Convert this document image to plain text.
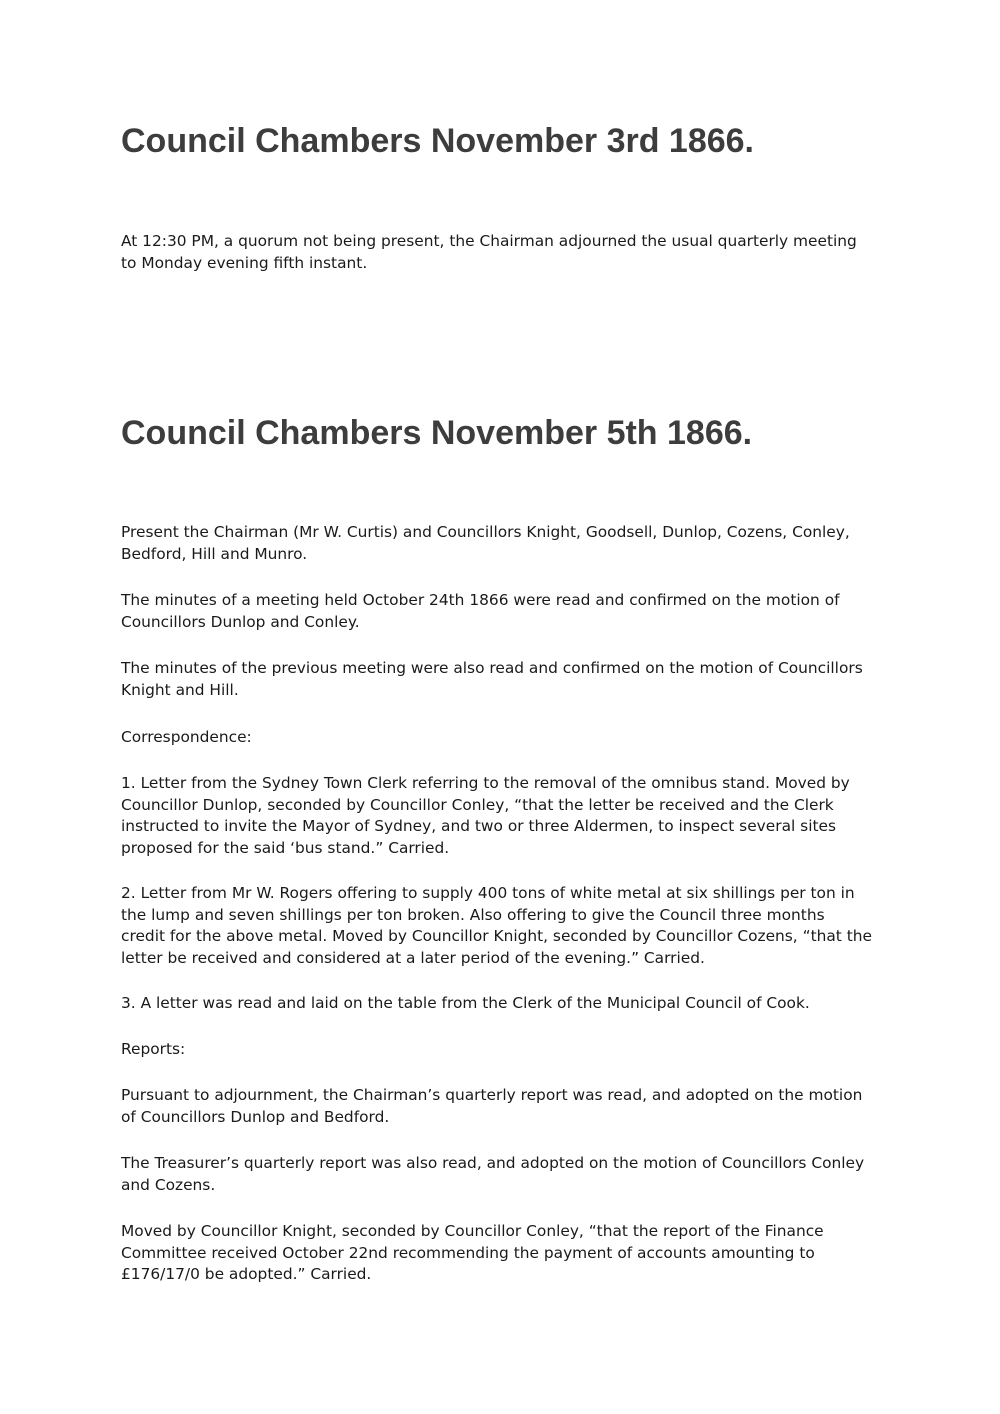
Council Chambers November 3rd 1866.

At 12:30 PM, a quorum not being present, the Chairman adjourned the usual quarterly meeting
to Monday evening fifth instant.

Council Chambers November 5th 1866.

Present the Chairman (Mr W. Curtis) and Councillors Knight, Goodsell, Dunlop, Cozens, Conley,
Bedford, Hill and Munro.

The minutes of a meeting held October 24th 1866 were read and confirmed on the motion of
Councillors Dunlop and Conley.

The minutes of the previous meeting were also read and confirmed on the motion of Councillors
Knight and Hill.

Correspondence:

1. Letter from the Sydney Town Clerk referring to the removal of the omnibus stand. Moved by
Councillor Dunlop, seconded by Councillor Conley, “that the letter be received and the Clerk
instructed to invite the Mayor of Sydney, and two or three Aldermen, to inspect several sites
proposed for the said ‘bus stand.” Carried.

2. Letter from Mr W. Rogers offering to supply 400 tons of white metal at six shillings per ton in
the lump and seven shillings per ton broken. Also offering to give the Council three months
credit for the above metal. Moved by Councillor Knight, seconded by Councillor Cozens, “that the
letter be received and considered at a later period of the evening.” Carried.

3. A letter was read and laid on the table from the Clerk of the Municipal Council of Cook.

Reports:

Pursuant to adjournment, the Chairman’s quarterly report was read, and adopted on the motion
of Councillors Dunlop and Bedford.

The Treasurer’s quarterly report was also read, and adopted on the motion of Councillors Conley
and Cozens.

Moved by Councillor Knight, seconded by Councillor Conley, “that the report of the Finance
Committee received October 22nd recommending the payment of accounts amounting to
£176/17/0 be adopted.” Carried.
